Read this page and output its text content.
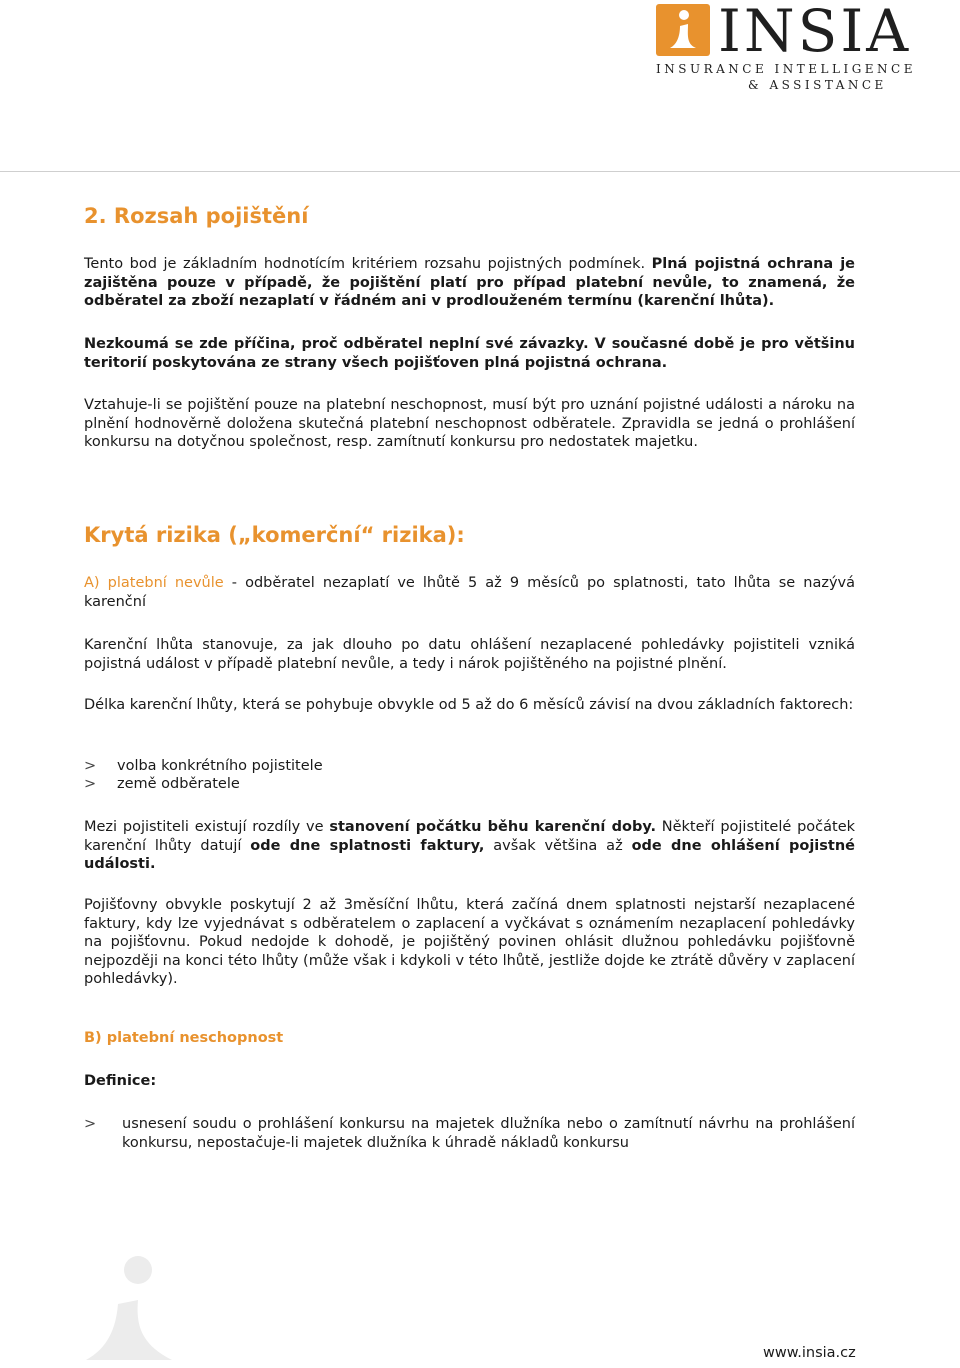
INSIA
INSURANCE INTELLIGENCE
& ASSISTANCE
2. Rozsah pojištění

Tento bod je základním hodnotícím kritériem rozsahu pojistných podmínek. Plná pojistná ochrana je zajištěna pouze v případě, že pojištění platí pro případ platební nevůle, to znamená, že odběratel za zboží nezaplatí v řádném ani v prodlouženém termínu (karenční lhůta).

Nezkoumá se zde příčina, proč odběratel neplní své závazky. V současné době je pro většinu teritorií poskytována ze strany všech pojišťoven plná pojistná ochrana.

Vztahuje-li se pojištění pouze na platební neschopnost, musí být pro uznání pojistné události a nároku na plnění hodnověrně doložena skutečná platební neschopnost odběratele. Zpravidla se jedná o prohlášení konkursu na dotyčnou společnost, resp. zamítnutí konkursu pro nedostatek majetku.

Krytá rizika („komerční“ rizika):

A) platební nevůle - odběratel nezaplatí ve lhůtě 5 až 9 měsíců po splatnosti, tato lhůta se nazývá karenční

Karenční lhůta stanovuje, za jak dlouho po datu ohlášení nezaplacené pohledávky pojistiteli vzniká pojistná událost v případě platební nevůle, a tedy i nárok pojištěného na pojistné plnění.

Délka karenční lhůty, která se pohybuje obvykle od 5 až do 6 měsíců závisí na dvou základních faktorech:

> volba konkrétního pojistitele
> země odběratele

Mezi pojistiteli existují rozdíly ve stanovení počátku běhu karenční doby. Někteří pojistitelé počátek karenční lhůty datují ode dne splatnosti faktury, avšak většina až ode dne ohlášení pojistné události.

Pojišťovny obvykle poskytují 2 až 3měsíční lhůtu, která začíná dnem splatnosti nejstarší nezaplacené faktury, kdy lze vyjednávat s odběratelem o zaplacení a vyčkávat s oznámením nezaplacení pohledávky na pojišťovnu. Pokud nedojde k dohodě, je pojištěný povinen ohlásit dlužnou pohledávku pojišťovně nejpozději na konci této lhůty (může však i kdykoli v této lhůtě, jestliže dojde ke ztrátě důvěry v zaplacení pohledávky).

B) platební neschopnost
Definice:
> usnesení soudu o prohlášení konkursu na majetek dlužníka nebo o zamítnutí návrhu na prohlášení konkursu, nepostačuje-li majetek dlužníka k úhradě nákladů konkursu
www.insia.cz
